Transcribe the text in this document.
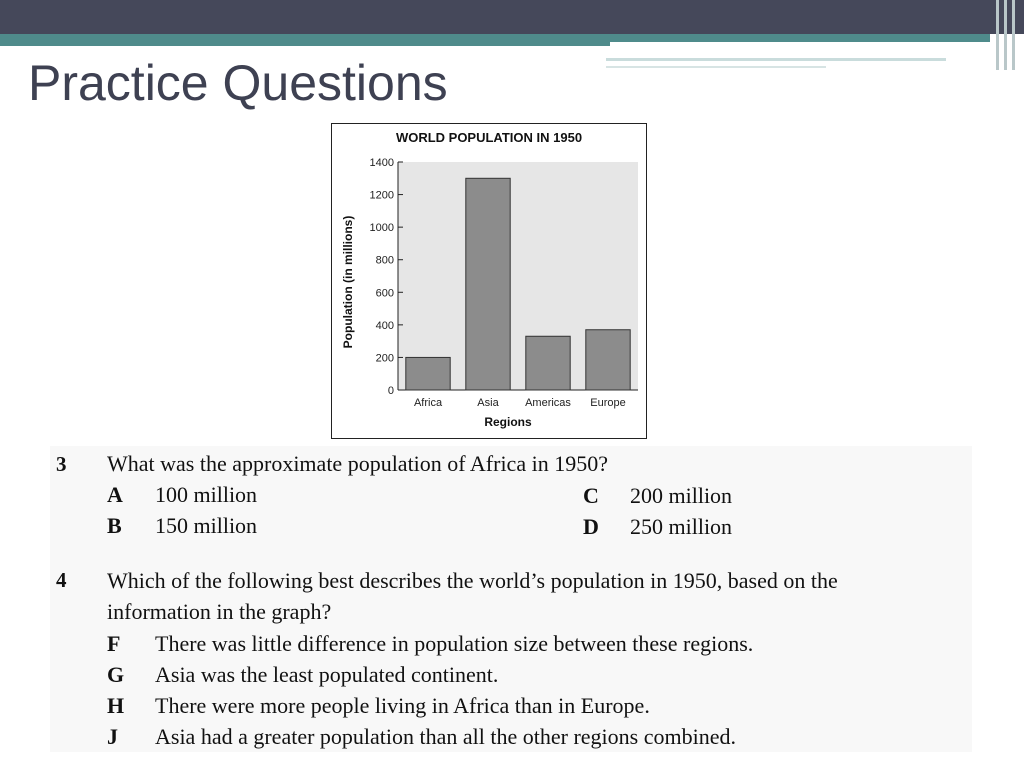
Practice Questions
WORLD POPULATION IN 1950
0
200
400
600
800
1000
1200
1400
Africa	Asia Americas Europe
Regions
Population (in millions)
3 What was the approximate population of Africa in 1950?
A 100 million
B 150 million
C 200 million
D 250 million
4 Which of the following best describes the world’s population in 1950, based on the
information in the graph?
F There was little difference in population size between these regions.
G Asia was the least populated continent.
H There were more people living in Africa than in Europe.
J Asia had a greater population than all the other regions combined.
